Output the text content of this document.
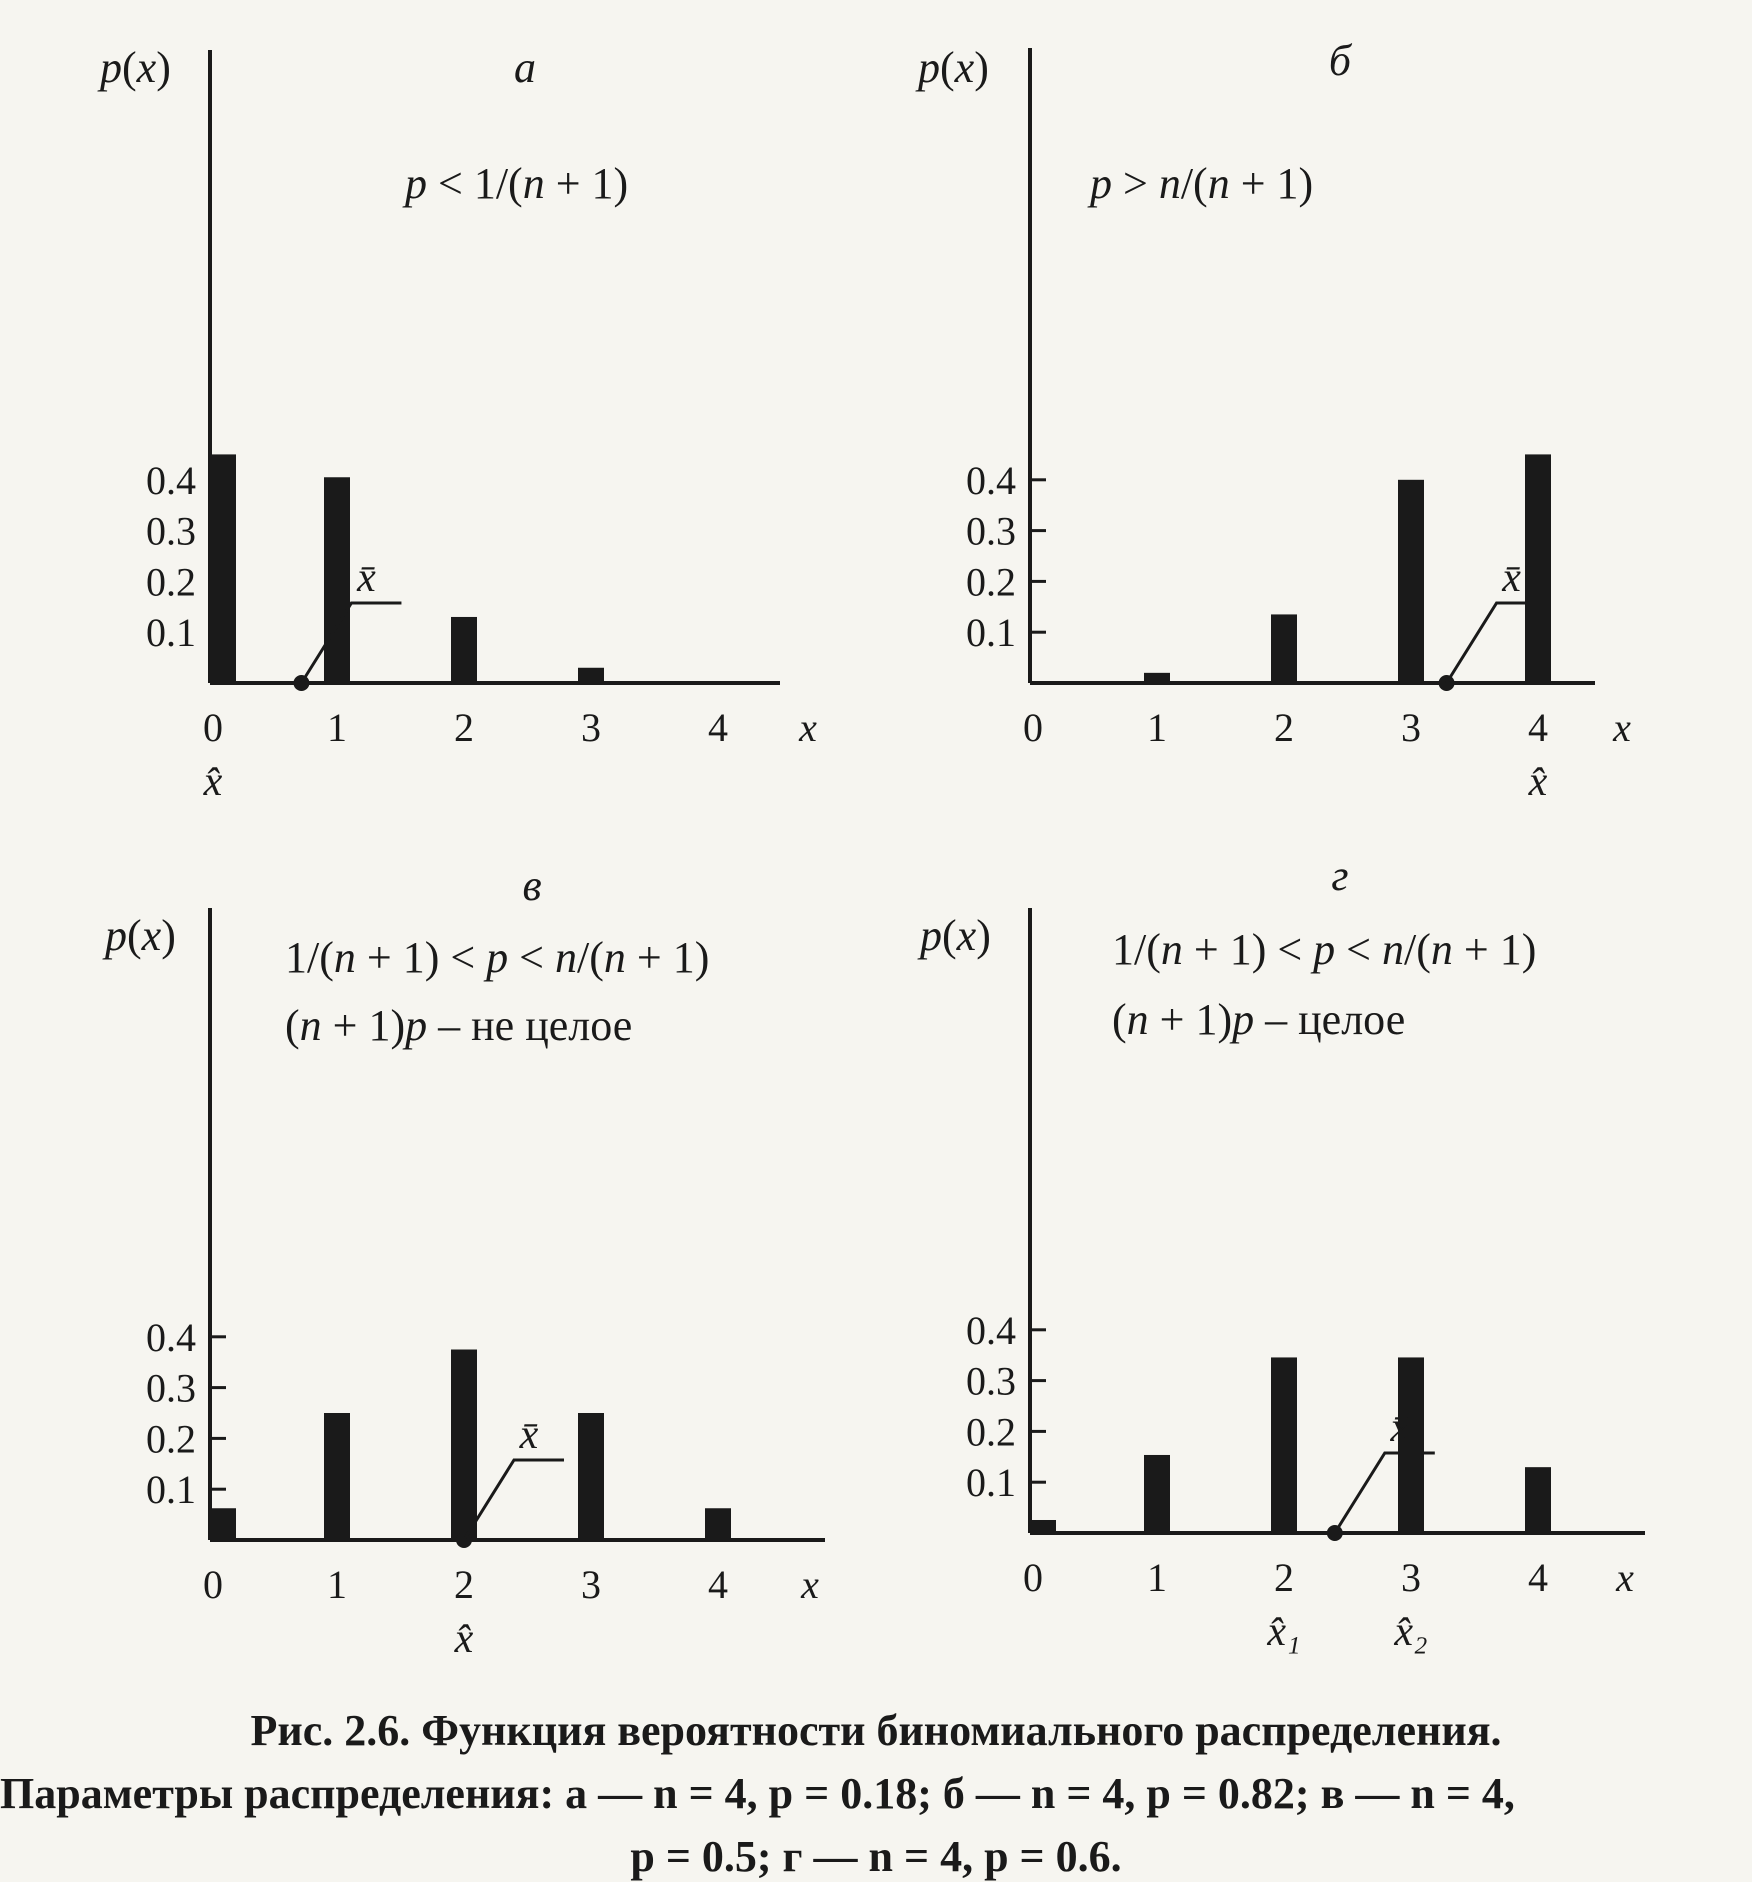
0.1
0.2
0.3
0.4
0	1	2	3	4 x
p(x)	а
p < 1/(n + 1)
x̄
x̂
0.1
0.2
0.3
0.4
0	1	2	3	4 x
p(x)	б
p > n/(n + 1)
x̄
x̂
0.1
0.2
0.3
0.4
0	1	2	3	4 x
p(x)
в
1/(n + 1) < p < n/(n + 1)
(n + 1)p – не целое
x̄
x̂
0.1
0.2
0.3
0.4
0	1	2	3	4 x
p(x)
г
1/(n + 1) < p < n/(n + 1)
(n + 1)p – целое
x̄
x̂₁ x̂₂
Рис. 2.6. Функция вероятности биномиального распределения.
Параметры распределения: а — n = 4, p = 0.18; б — n = 4, p = 0.82; в — n = 4,
p = 0.5; г — n = 4, p = 0.6.
